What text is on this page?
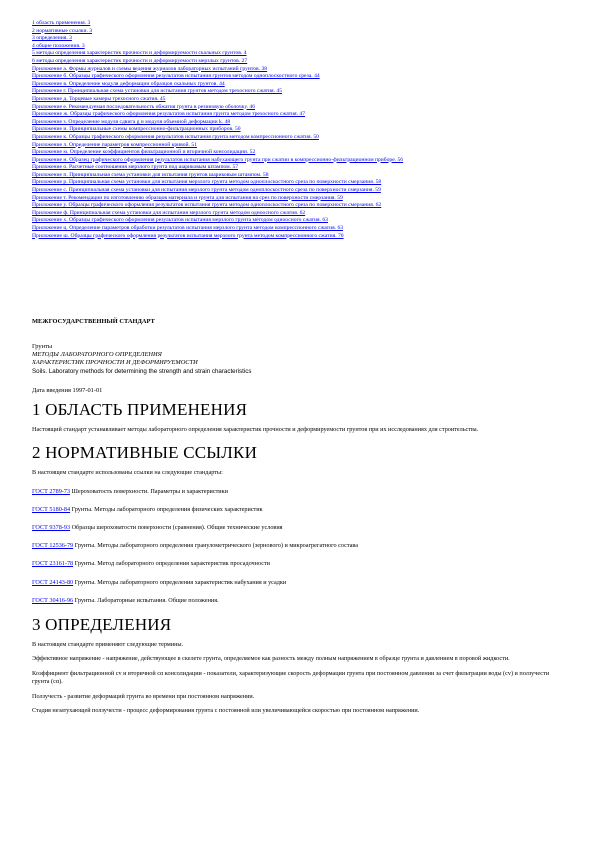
1 область применения. 3
2 нормативные ссылки. 3
3 определения. 3
4 общие положения. 3
5 методы определения характеристик прочности и деформируемости скальных грунтов. 4
6 методы определения характеристик прочности и деформируемости мерзлых грунтов. 27
Приложение а. Формы журналов и схемы ведения журналов лабораторных испытаний грунтов. 38
Приложение б. Образцы графического оформления результатов испытания грунтов методом одноплоскостного среза. 44
Приложение в. Определение модуля деформации образцов скальных грунтов. 44
Приложение г. Принципиальная схема установки для испытания грунтов методом трехосного сжатия. 45
Приложение д. Торцевые камеры трехосного сжатия. 45
Приложение е. Рекомендуемая последовательность обжатия грунта в резиновую оболочку. 46
Приложение ж. Образцы графического оформления результатов испытания грунта методом трехосного сжатия. 47
Приложение з. Определение модуля сдвига g и модуля объемной деформации k. 48
Приложение и. Принципиальные схемы компрессионно-фильтрационных приборов. 50
Приложение к. Образцы графического оформления результатов испытания грунта методом компрессионного сжатия. 50
Приложение л. Определение параметров компрессионной кривой. 51
Приложение м. Определение коэффициентов фильтрационной и вторичной консолидации. 52
Приложение н. Образец графического оформления результатов испытания набухающего грунта при сжатии в компрессионно-фильтрационном приборе. 56
Приложение о. Расчетные соотношения мерзлого грунта под шариковым штампом. 57
Приложение п. Принципиальная схема установки для испытания грунтов шариковым штампом. 58
Приложение р. Принципиальная схема установки для испытания мерзлого грунта методом одноплоскостного среза по поверхности смерзания. 58
Приложение с. Принципиальная схема установки для испытания мерзлого грунта методом одноплоскостного среза по поверхности смерзания. 59
Приложение т. Рекомендации по изготовлению образцов материала и грунта для испытания на срез по поверхности смерзания. 59
Приложение у. Образцы графического оформления результатов испытания грунта методом одноплоскостного среза по поверхности смерзания. 62
Приложение ф. Принципиальная схема установки для испытания мерзлого грунта методом одноосного сжатия. 62
Приложение х. Образцы графического оформления результатов испытания мерзлого грунта методом одноосного сжатия. 63
Приложение ц. Определение параметров обработки результатов испытания мерзлого грунта методом компрессионного сжатия. 63
Приложение ш. Образцы графического оформления результатов испытания мерзлого грунта методом компрессионного сжатия. 70
МЕЖГОСУДАРСТВЕННЫЙ СТАНДАРТ
Грунты
МЕТОДЫ ЛАБОРАТОРНОГО ОПРЕДЕЛЕНИЯ
ХАРАКТЕРИСТИК ПРОЧНОСТИ И ДЕФОРМИРУЕМОСТИ
Soils. Laboratory methods for determining the strength and strain characteristics
Дата введения 1997-01-01
1 ОБЛАСТЬ ПРИМЕНЕНИЯ

Настоящий стандарт устанавливает методы лабораторного определения характеристик прочности и деформируемости грунтов при их исследованиях для строительства.

2 НОРМАТИВНЫЕ ССЫЛКИ

В настоящем стандарте использованы ссылки на следующие стандарты:

ГОСТ 2789-73 Шероховатость поверхности. Параметры и характеристики

ГОСТ 5180-84 Грунты. Методы лабораторного определения физических характеристик

ГОСТ 9378-93 Образцы шероховатости поверхности (сравнения). Общие технические условия

ГОСТ 12536-79 Грунты. Методы лабораторного определения гранулометрического (зернового) и микроагрегатного состава

ГОСТ 23161-78 Грунты. Метод лабораторного определения характеристик просадочности

ГОСТ 24143-80 Грунты. Методы лабораторного определения характеристик набухания и усадки

ГОСТ 30416-96 Грунты. Лабораторные испытания. Общие положения.

3 ОПРЕДЕЛЕНИЯ

В настоящем стандарте применяют следующие термины.

Эффективное напряжение - напряжение, действующее в скелете грунта, определяемое как разность между полным напряжением в образце грунта и давлением в поровой жидкости.

Коэффициент фильтрационной cv и вторичной cα консолидации - показатели, характеризующие скорость деформации грунта при постоянном давлении за счет фильтрации воды (cv) и ползучести грунта (cα).

Ползучесть - развитие деформаций грунта во времени при постоянном напряжении.

Стадия незатухающей ползучести - процесс деформирования грунта с постоянной или увеличивающейся скоростью при постоянном напряжении.
